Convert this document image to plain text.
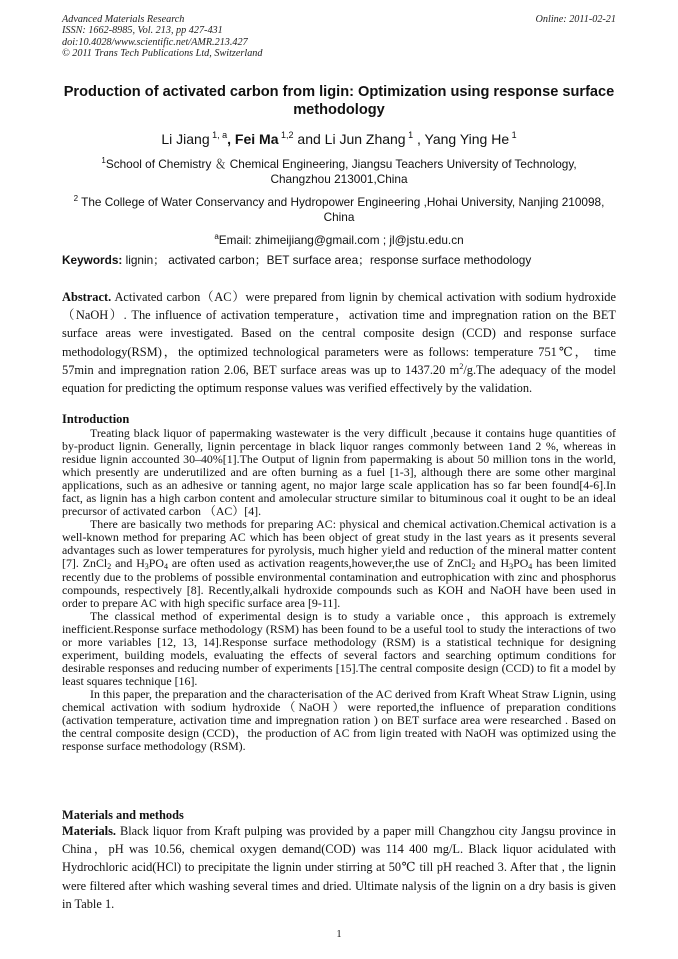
Advanced Materials Research
ISSN: 1662-8985, Vol. 213, pp 427-431
doi:10.4028/www.scientific.net/AMR.213.427
© 2011 Trans Tech Publications Ltd, Switzerland
Online: 2011-02-21
Production of activated carbon from ligin: Optimization using response surface methodology
Li Jiang $^{1, a}$, Fei Ma $^{1,2}$ and Li Jun Zhang $^1$ , Yang Ying He $^1$
$^1$School of Chemistry ＆ Chemical Engineering, Jiangsu Teachers University of Technology, Changzhou 213001,China
$^2$ The College of Water Conservancy and Hydropower Engineering ,Hohai University, Nanjing 210098, China
$^a$Email: zhimeijiang@gmail.com ; jl@jstu.edu.cn
Keywords: lignin； activated carbon；BET surface area；response surface methodology
Abstract. Activated carbon（AC）were prepared from lignin by chemical activation with sodium hydroxide（NaOH）. The influence of activation temperature，activation time and impregnation ration on the BET surface areas were investigated. Based on the central composite design (CCD) and response surface methodology(RSM)，the optimized technological parameters were as follows: temperature 751℃， time 57min and impregnation ration 2.06, BET surface areas was up to 1437.20 $m^2/g.The$ adequacy of the model equation for predicting the optimum response values was verified effectively by the validation.
Introduction

Treating black liquor of papermaking wastewater is the very difficult ,because it contains huge quantities of by-product lignin. Generally, lignin percentage in black liquor ranges commonly between 1and 2 %, whereas in residue lignin accounted 30–40%[1].The Output of lignin from papermaking is about 50 million tons in the world, which presently are underutilized and are often burning as a fuel [1-3], although there are some other marginal applications, such as an adhesive or tanning agent, no major large scale application has so far been found[4-6].In fact, as lignin has a high carbon content and amolecular structure similar to bituminous coal it ought to be an ideal precursor of activated carbon （AC）[4].

There are basically two methods for preparing AC: physical and chemical activation.Chemical activation is a well-known method for preparing AC which has been object of great study in the last years as it presents several advantages such as lower temperatures for pyrolysis, much higher yield and reduction of the mineral matter content [7]. ZnCl$_2$ and $H_3PO_4$ are often used as activation reagents,however,the use of ZnCl$_2$ and $H_3PO_4$ has been limited recently due to the problems of possible environmental contamination and eutrophication with zinc and phosphorus compounds, respectively [8]. Recently,alkali hydroxide compounds such as KOH and NaOH have been used in order to prepare AC with high specific surface area [9-11].

The classical method of experimental design is to study a variable once，this approach is extremely inefficient.Response surface methodology (RSM) has been found to be a useful tool to study the interactions of two or more variables [12, 13, 14].Response surface methodology (RSM) is a statistical technique for designing experiment, building models, evaluating the effects of several factors and searching optimum conditions for desirable responses and reducing number of experiments [15].The central composite design (CCD) to fit a model by least squares technique [16].

In this paper, the preparation and the characterisation of the AC derived from Kraft Wheat Straw Lignin, using chemical activation with sodium hydroxide（NaOH）were reported,the influence of preparation conditions (activation temperature, activation time and impregnation ration ) on BET surface area were researched . Based on the central composite design (CCD)，the production of AC from ligin treated with NaOH was optimized using the response surface methodology (RSM).

Materials and methods
Materials. Black liquor from Kraft pulping was provided by a paper mill Changzhou city Jangsu province in China，pH was 10.56, chemical oxygen demand(COD) was 114 400 mg/L. Black liquor acidulated with Hydrochloric acid(HCl) to precipitate the lignin under stirring at 50℃ till pH reached 3. After that , the lignin were filtered after which washing several times and dried. Ultimate nalysis of the lignin on a dry basis is given in Table 1.
1
